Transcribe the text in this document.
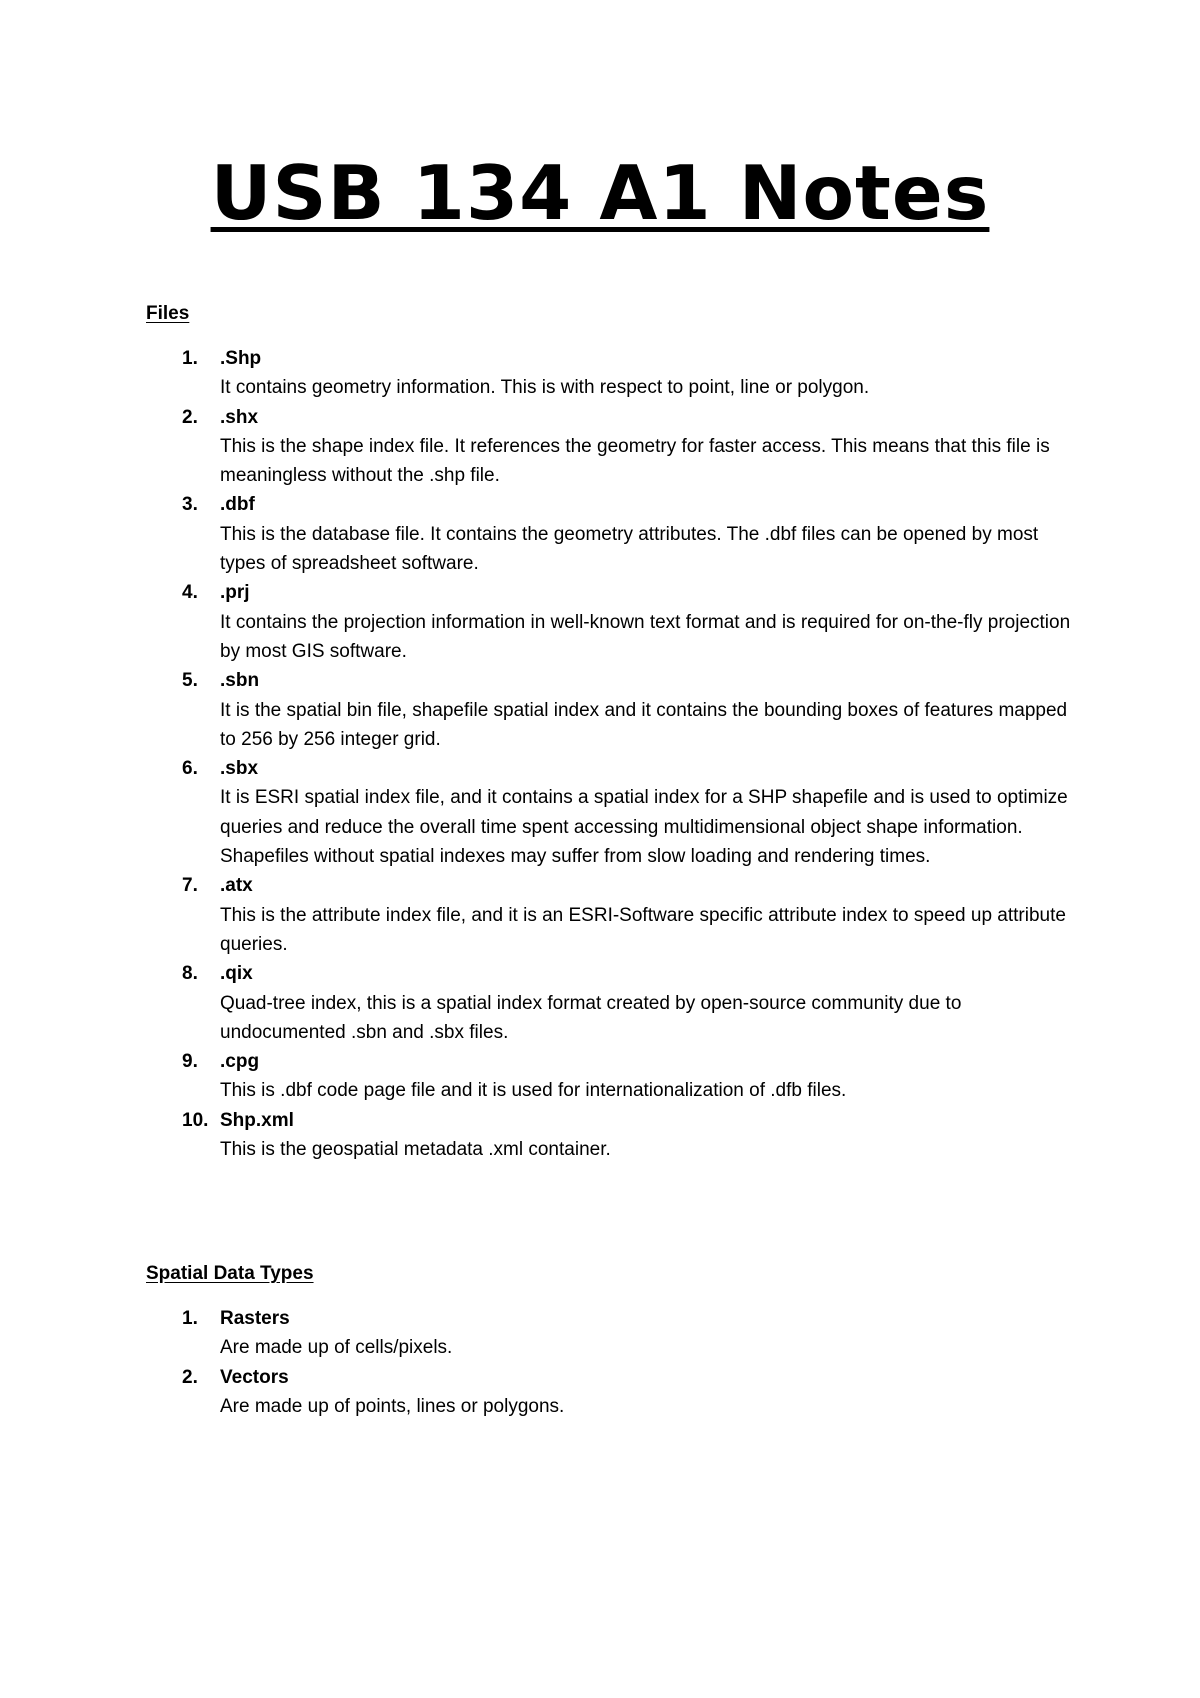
USB 134 A1 Notes
Files
1. .Shp
It contains geometry information. This is with respect to point, line or polygon.
2. .shx
This is the shape index file. It references the geometry for faster access. This means that this file is meaningless without the .shp file.
3. .dbf
This is the database file. It contains the geometry attributes. The .dbf files can be opened by most types of spreadsheet software.
4. .prj
It contains the projection information in well-known text format and is required for on-the-fly projection by most GIS software.
5. .sbn
It is the spatial bin file, shapefile spatial index and it contains the bounding boxes of features mapped to 256 by 256 integer grid.
6. .sbx
It is ESRI spatial index file, and it contains a spatial index for a SHP shapefile and is used to optimize queries and reduce the overall time spent accessing multidimensional object shape information. Shapefiles without spatial indexes may suffer from slow loading and rendering times.
7. .atx
This is the attribute index file, and it is an ESRI-Software specific attribute index to speed up attribute queries.
8. .qix
Quad-tree index, this is a spatial index format created by open-source community due to undocumented .sbn and .sbx files.
9. .cpg
This is .dbf code page file and it is used for internationalization of .dfb files.
10. Shp.xml
This is the geospatial metadata .xml container.
Spatial Data Types
1. Rasters
Are made up of cells/pixels.
2. Vectors
Are made up of points, lines or polygons.
